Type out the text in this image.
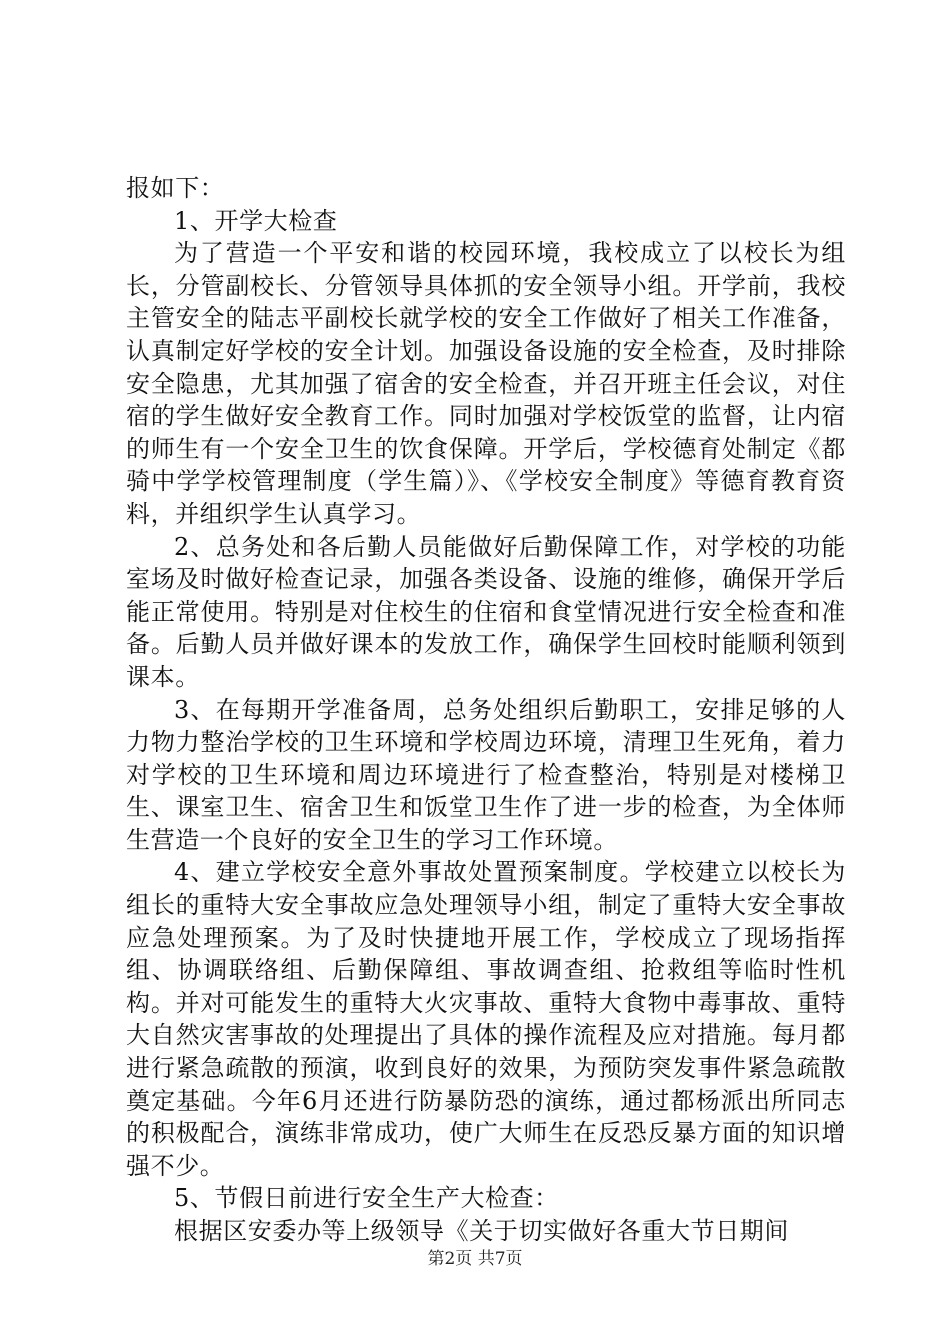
报如下：

1、开学大检查

为了营造一个平安和谐的校园环境，我校成立了以校长为组长，分管副校长、分管领导具体抓的安全领导小组。开学前，我校主管安全的陆志平副校长就学校的安全工作做好了相关工作准备，认真制定好学校的安全计划。加强设备设施的安全检查，及时排除安全隐患，尤其加强了宿舍的安全检查，并召开班主任会议，对住宿的学生做好安全教育工作。同时加强对学校饭堂的监督，让内宿的师生有一个安全卫生的饮食保障。开学后，学校德育处制定《都骑中学学校管理制度（学生篇）》、《学校安全制度》等德育教育资料，并组织学生认真学习。

2、总务处和各后勤人员能做好后勤保障工作，对学校的功能室场及时做好检查记录，加强各类设备、设施的维修，确保开学后能正常使用。特别是对住校生的住宿和食堂情况进行安全检查和准备。后勤人员并做好课本的发放工作，确保学生回校时能顺利领到课本。

3、在每期开学准备周，总务处组织后勤职工，安排足够的人力物力整治学校的卫生环境和学校周边环境，清理卫生死角，着力对学校的卫生环境和周边环境进行了检查整治，特别是对楼梯卫生、课室卫生、宿舍卫生和饭堂卫生作了进一步的检查，为全体师生营造一个良好的安全卫生的学习工作环境。

4、建立学校安全意外事故处置预案制度。学校建立以校长为组长的重特大安全事故应急处理领导小组，制定了重特大安全事故应急处理预案。为了及时快捷地开展工作，学校成立了现场指挥组、协调联络组、后勤保障组、事故调查组、抢救组等临时性机构。并对可能发生的重特大火灾事故、重特大食物中毒事故、重特大自然灾害事故的处理提出了具体的操作流程及应对措施。每月都进行紧急疏散的预演，收到良好的效果，为预防突发事件紧急疏散奠定基础。今年6月还进行防暴防恐的演练，通过都杨派出所同志的积极配合，演练非常成功，使广大师生在反恐反暴方面的知识增强不少。

5、节假日前进行安全生产大检查：

根据区安委办等上级领导《关于切实做好各重大节日期间

第2页 共7页
